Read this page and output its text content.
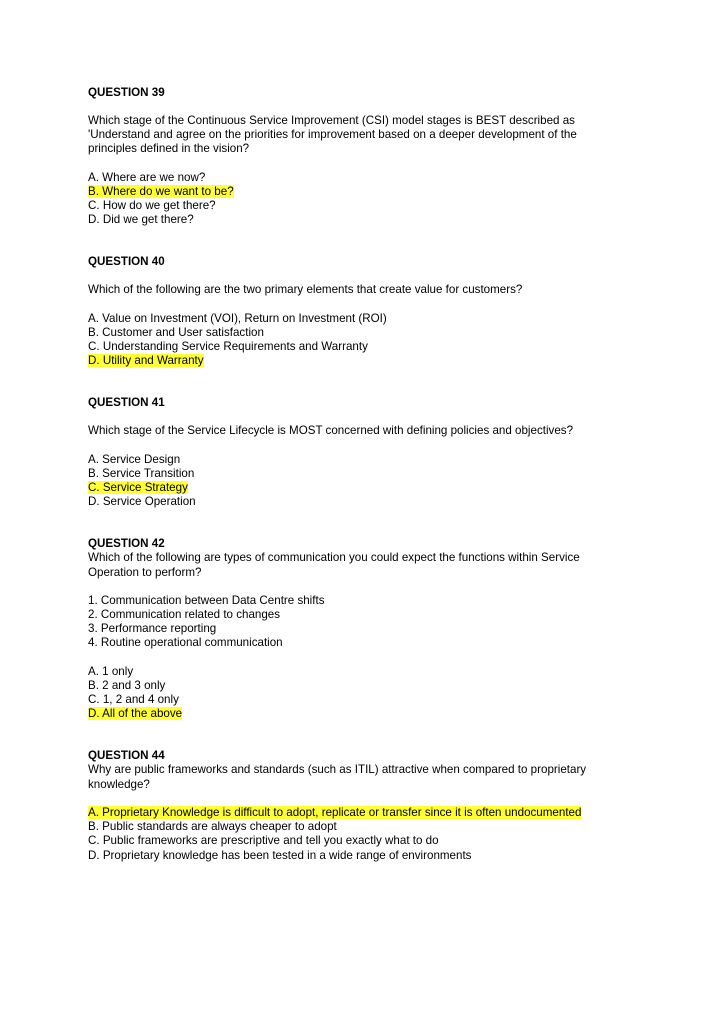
QUESTION 39
Which stage of the Continuous Service Improvement (CSI) model stages is BEST described as
'Understand and agree on the priorities for improvement based on a deeper development of the
principles defined in the vision?
A. Where are we now?
B. Where do we want to be?
C. How do we get there?
D. Did we get there?
QUESTION 40
Which of the following are the two primary elements that create value for customers?
A. Value on Investment (VOI), Return on Investment (ROI)
B. Customer and User satisfaction
C. Understanding Service Requirements and Warranty
D. Utility and Warranty
QUESTION 41
Which stage of the Service Lifecycle is MOST concerned with defining policies and objectives?
A. Service Design
B. Service Transition
C. Service Strategy
D. Service Operation
QUESTION 42
Which of the following are types of communication you could expect the functions within Service
Operation to perform?
1. Communication between Data Centre shifts
2. Communication related to changes
3. Performance reporting
4. Routine operational communication
A. 1 only
B. 2 and 3 only
C. 1, 2 and 4 only
D. All of the above
QUESTION 44
Why are public frameworks and standards (such as ITIL) attractive when compared to proprietary
knowledge?
A. Proprietary Knowledge is difficult to adopt, replicate or transfer since it is often undocumented
B. Public standards are always cheaper to adopt
C. Public frameworks are prescriptive and tell you exactly what to do
D. Proprietary knowledge has been tested in a wide range of environments
